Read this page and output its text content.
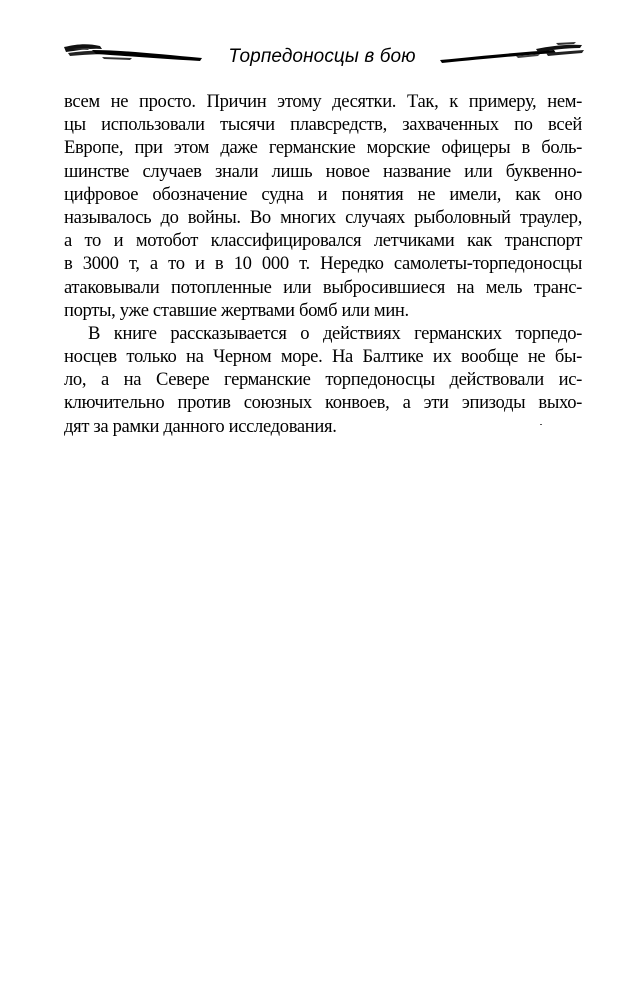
Торпедоносцы в бою
всем не просто. Причин этому десятки. Так, к примеру, нем-
цы использовали тысячи плавсредств, захваченных по всей
Европе, при этом даже германские морские офицеры в боль-
шинстве случаев знали лишь новое название или буквенно-
цифровое обозначение судна и понятия не имели, как оно
называлось до войны. Во многих случаях рыболовный траулер,
а то и мотобот классифицировался летчиками как транспорт
в 3000 т, а то и в 10 000 т. Нередко самолеты-торпедоносцы
атаковывали потопленные или выбросившиеся на мель транс-
порты, уже ставшие жертвами бомб или мин.
В книге рассказывается о действиях германских торпедо-
носцев только на Черном море. На Балтике их вообще не бы-
ло, а на Севере германские торпедоносцы действовали ис-
ключительно против союзных конвоев, а эти эпизоды выхо-
дят за рамки данного исследования.
